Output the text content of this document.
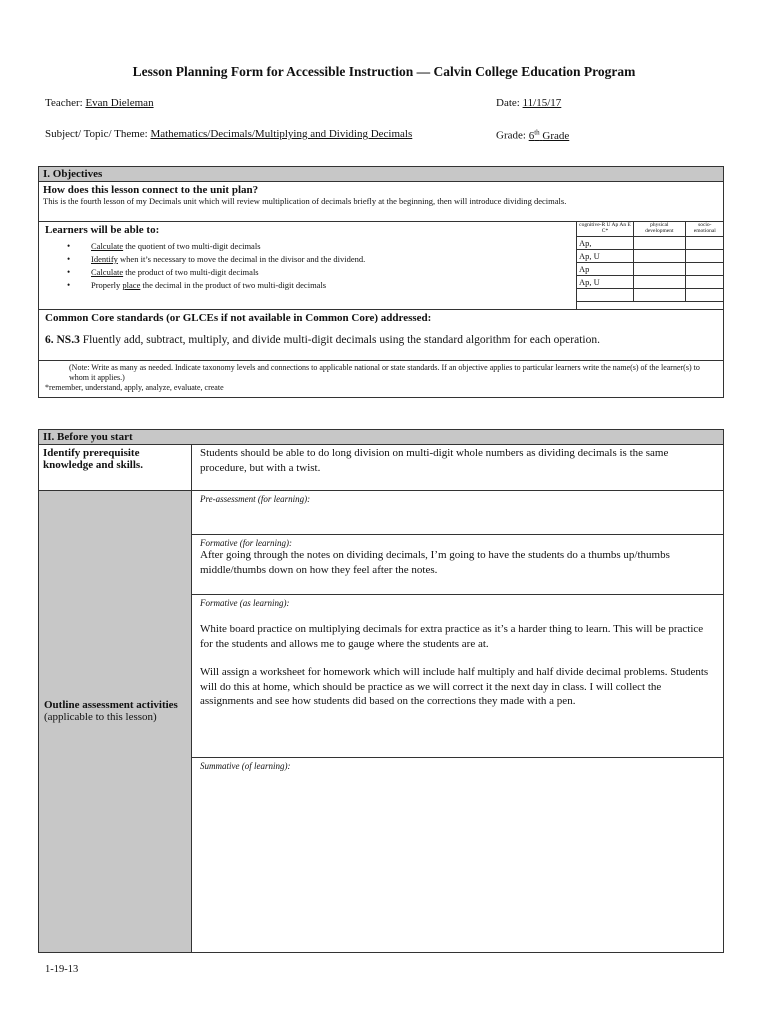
Lesson Planning Form for Accessible Instruction — Calvin College Education Program
Teacher: Evan Dieleman	Date: 11/15/17
Subject/ Topic/ Theme: Mathematics/Decimals/Multiplying and Dividing Decimals	Grade: 6th Grade
I. Objectives
How does this lesson connect to the unit plan?
This is the fourth lesson of my Decimals unit which will review multiplication of decimals briefly at the beginning, then will introduce dividing decimals.
Learners will be able to:
• Calculate the quotient of two multi-digit decimals
• Identify when it’s necessary to move the decimal in the divisor and the dividend.
• Calculate the product of two multi-digit decimals
• Properly place the decimal in the product of two multi-digit decimals
cognitive-R U Ap An E C*	physical development	socio-emotional
Ap,		
Ap, U		
Ap		
Ap, U		

Common Core standards (or GLCEs if not available in Common Core) addressed:
6. NS.3 Fluently add, subtract, multiply, and divide multi-digit decimals using the standard algorithm for each operation.
(Note: Write as many as needed. Indicate taxonomy levels and connections to applicable national or state standards. If an objective applies to particular learners write the name(s) of the learner(s) to whom it applies.)
*remember, understand, apply, analyze, evaluate, create
II. Before you start
Identify prerequisite knowledge and skills.
Students should be able to do long division on multi-digit whole numbers as dividing decimals is the same procedure, but with a twist.
Outline assessment activities
(applicable to this lesson)
Pre-assessment (for learning):
Formative (for learning):
After going through the notes on dividing decimals, I’m going to have the students do a thumbs up/thumbs middle/thumbs down on how they feel after the notes.
Formative (as learning):
White board practice on multiplying decimals for extra practice as it’s a harder thing to learn. This will be practice for the students and allows me to gauge where the students are at.
Will assign a worksheet for homework which will include half multiply and half divide decimal problems. Students will do this at home, which should be practice as we will correct it the next day in class. I will collect the assignments and see how students did based on the corrections they made with a pen.
Summative (of learning):
1-19-13
